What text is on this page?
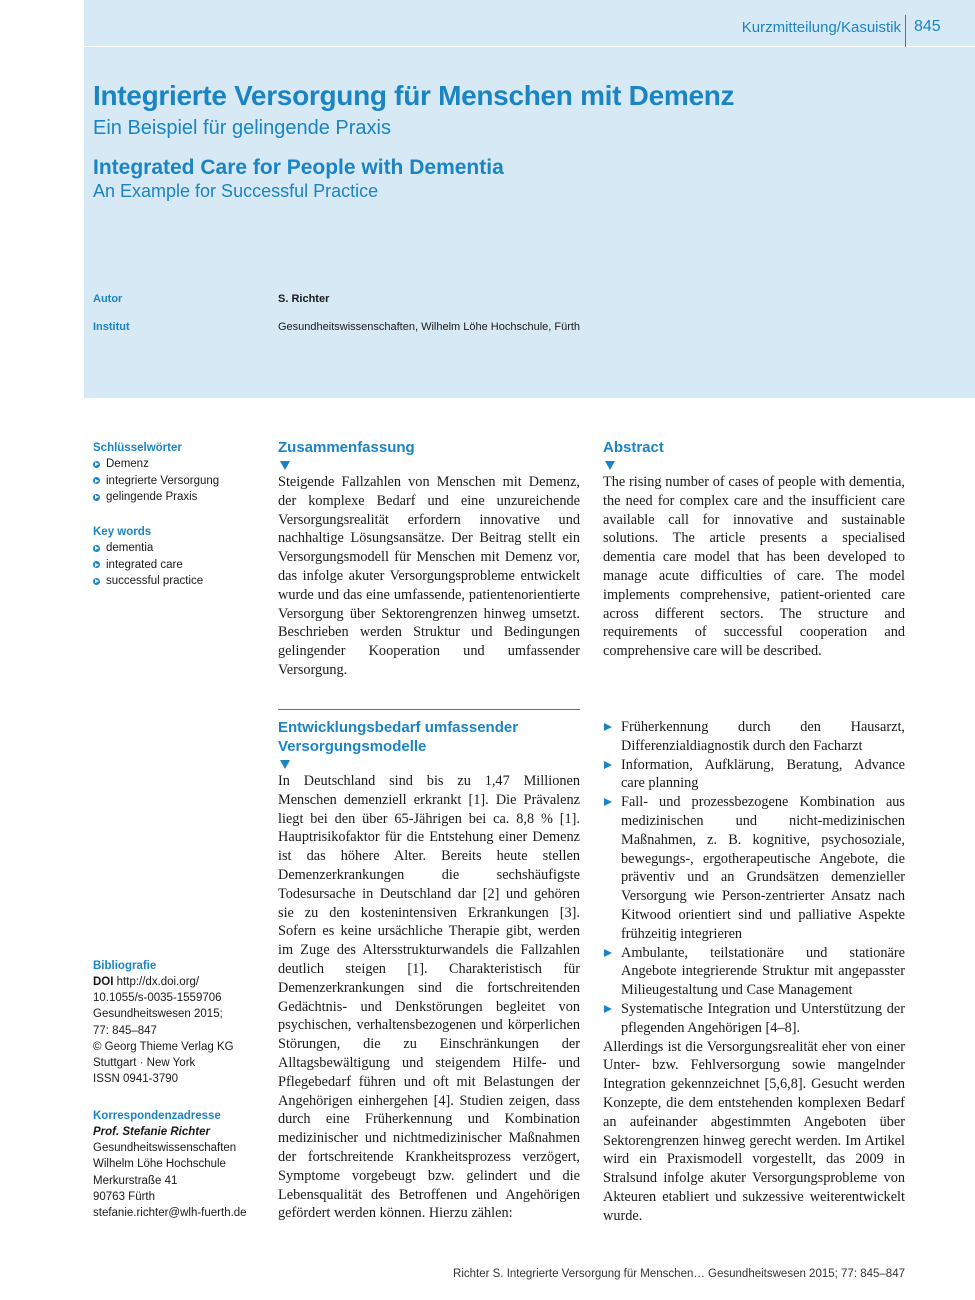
Kurzmitteilung/Kasuistik 845
Integrierte Versorgung für Menschen mit Demenz
Ein Beispiel für gelingende Praxis
Integrated Care for People with Dementia
An Example for Successful Practice
Autor	S. Richter
Institut	Gesundheitswissenschaften, Wilhelm Löhe Hochschule, Fürth
Schlüsselwörter
Demenz
integrierte Versorgung
gelingende Praxis
Key words
dementia
integrated care
successful practice
Bibliografie

DOI http://dx.doi.org/

10.1055/s-0035-1559706

Gesundheitswesen 2015;

77: 845–847

© Georg Thieme Verlag KG

Stuttgart · New York

ISSN 0941-3790

Korrespondenzadresse

Prof. Stefanie Richter

Gesundheitswissenschaften

Wilhelm Löhe Hochschule

Merkurstraße 41

90763 Fürth

stefanie.richter@wlh-fuerth.de

Zusammenfassung

Steigende Fallzahlen von Menschen mit Demenz, der komplexe Bedarf und eine unzureichende Versorgungsrealität erfordern innovative und nachhaltige Lösungsansätze. Der Beitrag stellt ein Versorgungsmodell für Menschen mit Demenz vor, das infolge akuter Versorgungsprobleme entwickelt wurde und das eine umfassende, patientenorientierte Versorgung über Sektorengrenzen hinweg umsetzt. Beschrieben werden Struktur und Bedingungen gelingender Kooperation und umfassender Versorgung.

Abstract

The rising number of cases of people with dementia, the need for complex care and the insufficient care available call for innovative and sustainable solutions. The article presents a specialised dementia care model that has been developed to manage acute difficulties of care. The model implements comprehensive, patient-oriented care across different sectors. The structure and requirements of successful cooperation and comprehensive care will be described.

Entwicklungsbedarf umfassender Versorgungsmodelle

In Deutschland sind bis zu 1,47 Millionen Menschen demenziell erkrankt [1]. Die Prävalenz liegt bei den über 65-Jährigen bei ca. 8,8 % [1]. Hauptrisikofaktor für die Entstehung einer Demenz ist das höhere Alter. Bereits heute stellen Demenzerkrankungen die sechshäufigste Todesursache in Deutschland dar [2] und gehören sie zu den kostenintensiven Erkrankungen [3]. Sofern es keine ursächliche Therapie gibt, werden im Zuge des Altersstrukturwandels die Fallzahlen deutlich steigen [1]. Charakteristisch für Demenzerkrankungen sind die fortschreitenden Gedächtnis- und Denkstörungen begleitet von psychischen, verhaltensbezogenen und körperlichen Störungen, die zu Einschränkungen der Alltagsbewältigung und steigendem Hilfe- und Pflegebedarf führen und oft mit Belastungen der Angehörigen einhergehen [4]. Studien zeigen, dass durch eine Früherkennung und Kombination medizinischer und nichtmedizinischer Maßnahmen der fortschreitende Krankheitsprozess verzögert, Symptome vorgebeugt bzw. gelindert und die Lebensqualität des Betroffenen und Angehörigen gefördert werden können. Hierzu zählen:

Früherkennung durch den Hausarzt, Differenzialdiagnostik durch den Facharzt
Information, Aufklärung, Beratung, Advance care planning
Fall- und prozessbezogene Kombination aus medizinischen und nicht-medizinischen Maßnahmen, z. B. kognitive, psychosoziale, bewegungs-, ergotherapeutische Angebote, die präventiv und an Grundsätzen demenzieller Versorgung wie Person-zentrierter Ansatz nach Kitwood orientiert sind und palliative Aspekte frühzeitig integrieren
Ambulante, teilstationäre und stationäre Angebote integrierende Struktur mit angepasster Milieugestaltung und Case Management
Systematische Integration und Unterstützung der pflegenden Angehörigen [4–8].

Allerdings ist die Versorgungsrealität eher von einer Unter- bzw. Fehlversorgung sowie mangelnder Integration gekennzeichnet [5,6,8]. Gesucht werden Konzepte, die dem entstehenden komplexen Bedarf an aufeinander abgestimmten Angeboten über Sektorengrenzen hinweg gerecht werden. Im Artikel wird ein Praxismodell vorgestellt, das 2009 in Stralsund infolge akuter Versorgungsprobleme von Akteuren etabliert und sukzessive weiterentwickelt wurde.

Richter S. Integrierte Versorgung für Menschen… Gesundheitswesen 2015; 77: 845–847
